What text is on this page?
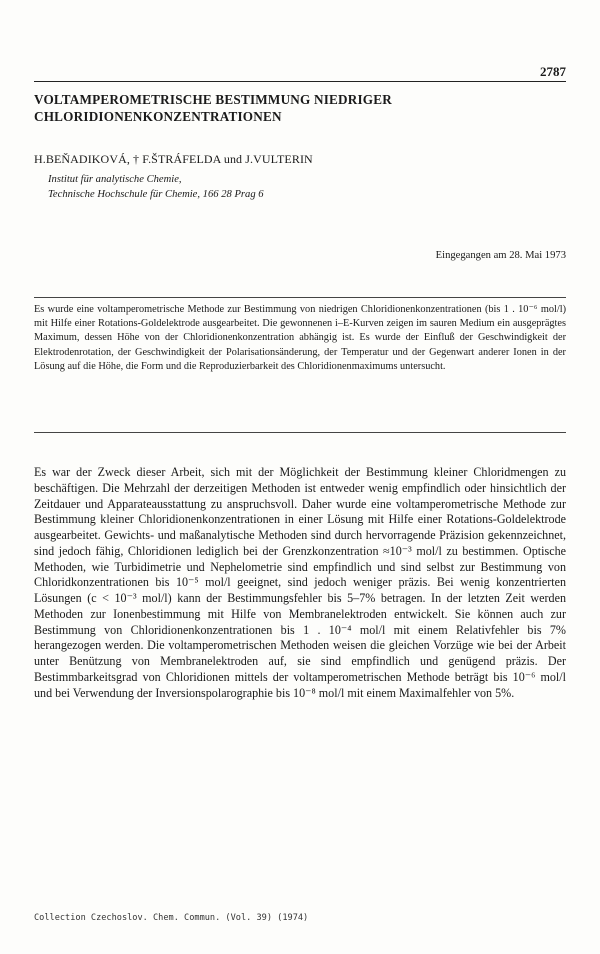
2787
VOLTAMPEROMETRISCHE BESTIMMUNG NIEDRIGER
CHLORIDIONENKONZENTRATIONEN
H.BEŇADIKOVÁ, † F.ŠTRÁFELDA und J.VULTERIN
Institut für analytische Chemie,
Technische Hochschule für Chemie, 166 28 Prag 6
Eingegangen am 28. Mai 1973
Es wurde eine voltamperometrische Methode zur Bestimmung von niedrigen Chloridionenkonzentrationen (bis 1 . 10⁻⁶ mol/l) mit Hilfe einer Rotations-Goldelektrode ausgearbeitet. Die gewonnenen i–E-Kurven zeigen im sauren Medium ein ausgeprägtes Maximum, dessen Höhe von der Chloridionenkonzentration abhängig ist. Es wurde der Einfluß der Geschwindigkeit der Elektrodenrotation, der Geschwindigkeit der Polarisationsänderung, der Temperatur und der Gegenwart anderer Ionen in der Lösung auf die Höhe, die Form und die Reproduzierbarkeit des Chloridionenmaximums untersucht.
Es war der Zweck dieser Arbeit, sich mit der Möglichkeit der Bestimmung kleiner Chloridmengen zu beschäftigen. Die Mehrzahl der derzeitigen Methoden ist entweder wenig empfindlich oder hinsichtlich der Zeitdauer und Apparateausstattung zu anspruchsvoll. Daher wurde eine voltamperometrische Methode zur Bestimmung kleiner Chloridionenkonzentrationen in einer Lösung mit Hilfe einer Rotations-Goldelektrode ausgearbeitet. Gewichts- und maßanalytische Methoden sind durch hervorragende Präzision gekennzeichnet, sind jedoch fähig, Chloridionen lediglich bei der Grenzkonzentration ≈10⁻³ mol/l zu bestimmen. Optische Methoden, wie Turbidimetrie und Nephelometrie sind empfindlich und sind selbst zur Bestimmung von Chloridkonzentrationen bis 10⁻⁵ mol/l geeignet, sind jedoch weniger präzis. Bei wenig konzentrierten Lösungen (c < 10⁻³ mol/l) kann der Bestimmungsfehler bis 5–7% betragen. In der letzten Zeit werden Methoden zur Ionenbestimmung mit Hilfe von Membranelektroden entwickelt. Sie können auch zur Bestimmung von Chloridionenkonzentrationen bis 1 . 10⁻⁴ mol/l mit einem Relativfehler bis 7% herangezogen werden. Die voltamperometrischen Methoden weisen die gleichen Vorzüge wie bei der Arbeit unter Benützung von Membranelektroden auf, sie sind empfindlich und genügend präzis. Der Bestimmbarkeitsgrad von Chloridionen mittels der voltamperometrischen Methode beträgt bis 10⁻⁶ mol/l und bei Verwendung der Inversionspolarographie bis 10⁻⁸ mol/l mit einem Maximalfehler von 5%.
Collection Czechoslov. Chem. Commun. (Vol. 39) (1974)
